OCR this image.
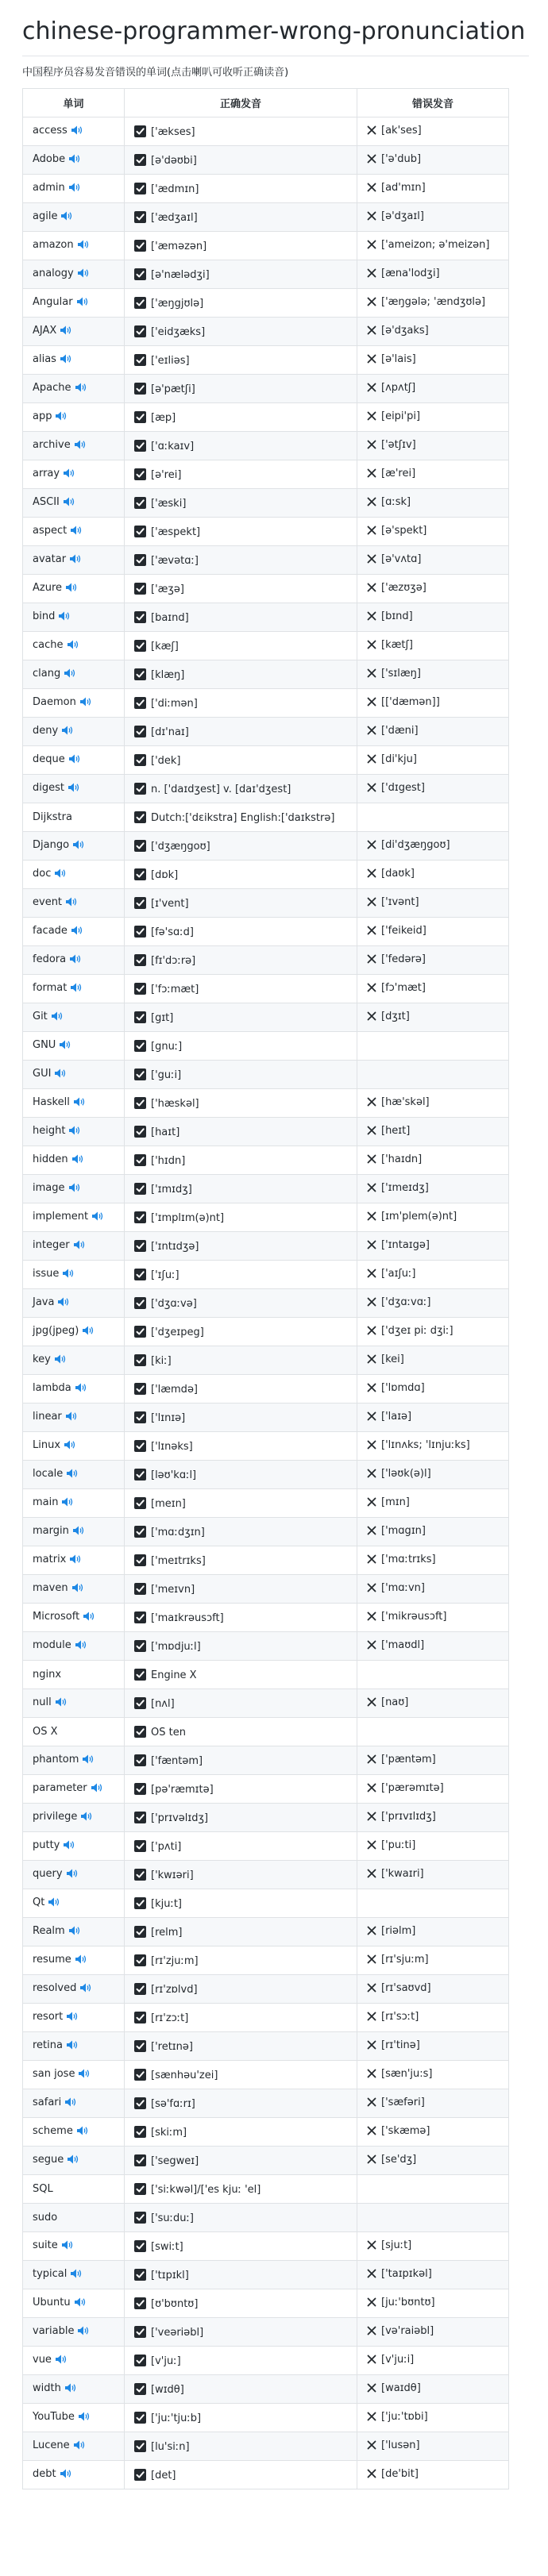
chinese-programmer-wrong-pronunciation
中国程序员容易发音错误的单词(点击喇叭可收听正确读音)
单词	正确发音	错误发音
access	['ækses]	[ak'ses]
Adobe	[ə'dəʊbi]	['ə'dub]
admin	['ædmɪn]	[ad'mɪn]
agile	['ædʒaɪl]	[ə'dʒaɪl]
amazon	['æməzən]	['ameizon; ə'meizən]
analogy	[ə'nælədʒi]	[æna'lodʒi]
Angular	['æŋgjʊlə]	['æŋgələ; 'ændʒʊlə]
AJAX	['eidʒæks]	[ə'dʒaks]
alias	['eɪliəs]	[ə'lais]
Apache	[ə'pætʃi]	[ʌpʌtʃ]
app	[æp]	[eipi'pi]
archive	['ɑːkaɪv]	['ətʃɪv]
array	[ə'rei]	[æ'rei]
ASCII	['æski]	[ɑːsk]
aspect	['æspekt]	[ə'spekt]
avatar	['ævətɑː]	[ə'vʌtɑ]
Azure	['æʒə]	['æzʊʒə]
bind	[baɪnd]	[bɪnd]
cache	[kæʃ]	[kætʃ]
clang	[klæŋ]	['sɪlæŋ]
Daemon	['diːmən]	[['dæmən]]
deny	[dɪ'naɪ]	['dæni]
deque	['dek]	[di'kju]
digest	n. ['daɪdʒest] v. [daɪ'dʒest]	['dɪgest]
Dijkstra	Dutch:['dɛikstra] English:['daɪkstrə]	
Django	['dʒæŋgoʊ]	[di'dʒæŋgoʊ]
doc	[dɒk]	[daʊk]
event	[ɪ'vent]	['ɪvənt]
facade	[fə'sɑːd]	['feikeid]
fedora	[fɪ'dɔːrə]	['fedərə]
format	['fɔːmæt]	[fɔ'mæt]
Git	[gɪt]	[dʒɪt]
GNU	[gnuː]	
GUI	['guːi]	
Haskell	['hæskəl]	[hæ'skəl]
height	[haɪt]	[heɪt]
hidden	['hɪdn]	['haɪdn]
image	['ɪmɪdʒ]	['ɪmeɪdʒ]
implement	['ɪmplɪm(ə)nt]	[ɪm'plem(ə)nt]
integer	['ɪntɪdʒə]	['ɪntaɪgə]
issue	['ɪʃuː]	['aɪʃuː]
Java	['dʒɑːvə]	['dʒɑːvɑː]
jpg(jpeg)	['dʒeɪpeg]	['dʒeɪ piː dʒiː]
key	[kiː]	[kei]
lambda	['læmdə]	['lɒmdɑ]
linear	['lɪnɪə]	['laɪə]
Linux	['lɪnəks]	['lɪnʌks; 'lɪnjuːks]
locale	[ləʊ'kɑːl]	['ləʊk(ə)l]
main	[meɪn]	[mɪn]
margin	['mɑːdʒɪn]	['mɑgɪn]
matrix	['meɪtrɪks]	['mɑːtrɪks]
maven	['meɪvn]	['mɑːvn]
Microsoft	['maɪkrəusɔft]	['mikrəusɔft]
module	['mɒdjuːl]	['maʊdl]
nginx	Engine X	
null	[nʌl]	[naʊ]
OS X	OS ten	
phantom	['fæntəm]	['pæntəm]
parameter	[pə'ræmɪtə]	['pærəmɪtə]
privilege	['prɪvəlɪdʒ]	['prɪvɪlɪdʒ]
putty	['pʌti]	['puːti]
query	['kwɪəri]	['kwaɪri]
Qt	[kjuːt]	
Realm	[relm]	[riəlm]
resume	[rɪ'zjuːm]	[rɪ'sjuːm]
resolved	[rɪ'zɒlvd]	[rɪ'saʊvd]
resort	[rɪ'zɔːt]	[rɪ'sɔːt]
retina	['retɪnə]	[rɪ'tinə]
san jose	[sænhəu'zei]	[sæn'ju:s]
safari	[sə'fɑːrɪ]	['sæfəri]
scheme	[skiːm]	['skæmə]
segue	['segweɪ]	[se'dʒ]
SQL	['siːkwəl]/['es kjuː 'el]	
sudo	['suːduː]	
suite	[swiːt]	[sjuːt]
typical	['tɪpɪkl]	['taɪpɪkəl]
Ubuntu	[ʊ'bʊntʊ]	[juː'bʊntʊ]
variable	['veəriəbl]	[və'raiəbl]
vue	[v'juː]	[v'juːi]
width	[wɪdθ]	[waɪdθ]
YouTube	['juː'tjuːb]	['juː'tɒbi]
Lucene	[lu'siːn]	['lusən]
debt	[det]	[de'bit]
